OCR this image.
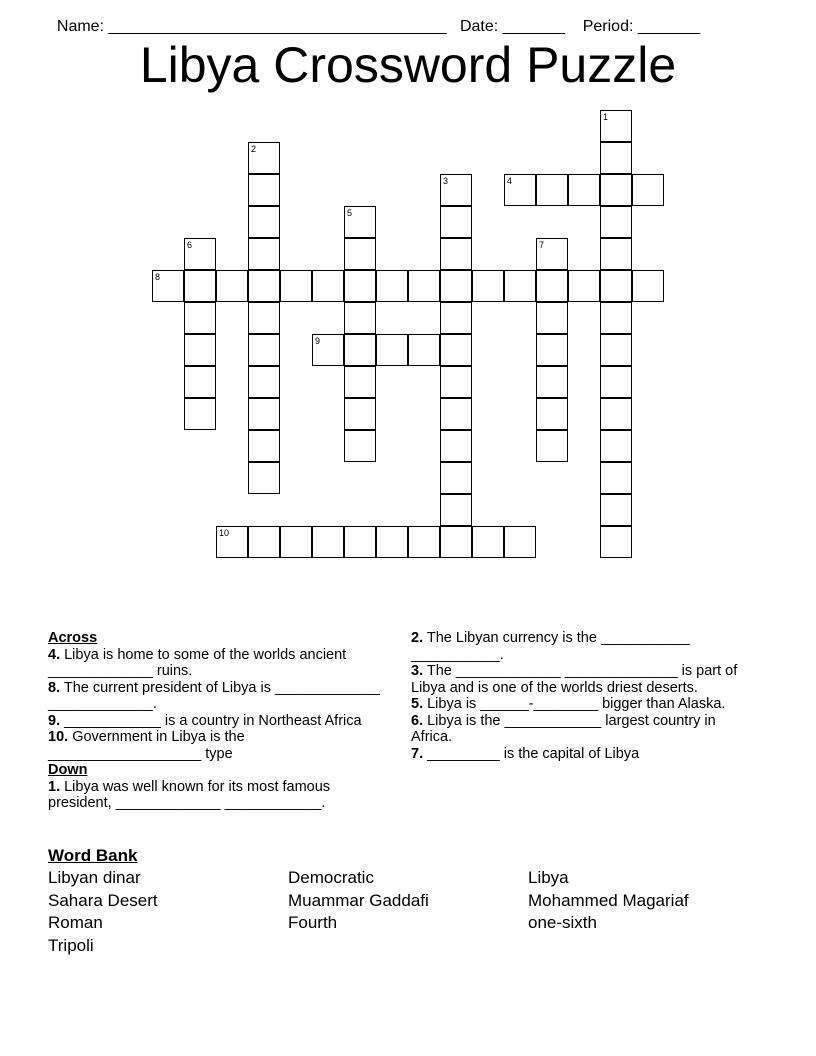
Name: ______________________________________ Date: _______ Period: _______

Libya Crossword Puzzle
1
2
3	4
5
6	7
8
9
10
Across
4. Libya is home to some of the worlds ancient _____________ ruins.
8. The current president of Libya is _____________ _____________.
9. ____________ is a country in Northeast Africa
10. Government in Libya is the ___________________ type
Down
1. Libya was well known for its most famous president, _____________ ____________.
2. The Libyan currency is the ___________ ___________.
3. The _____________ ______________ is part of Libya and is one of the worlds driest deserts.
5. Libya is ______-________ bigger than Alaska.
6. Libya is the ____________ largest country in Africa.
7. _________ is the capital of Libya
Word Bank
Libyan dinar	Democratic	Libya
Sahara Desert	Muammar Gaddafi	Mohammed Magariaf
Roman	Fourth	one-sixth
Tripoli
